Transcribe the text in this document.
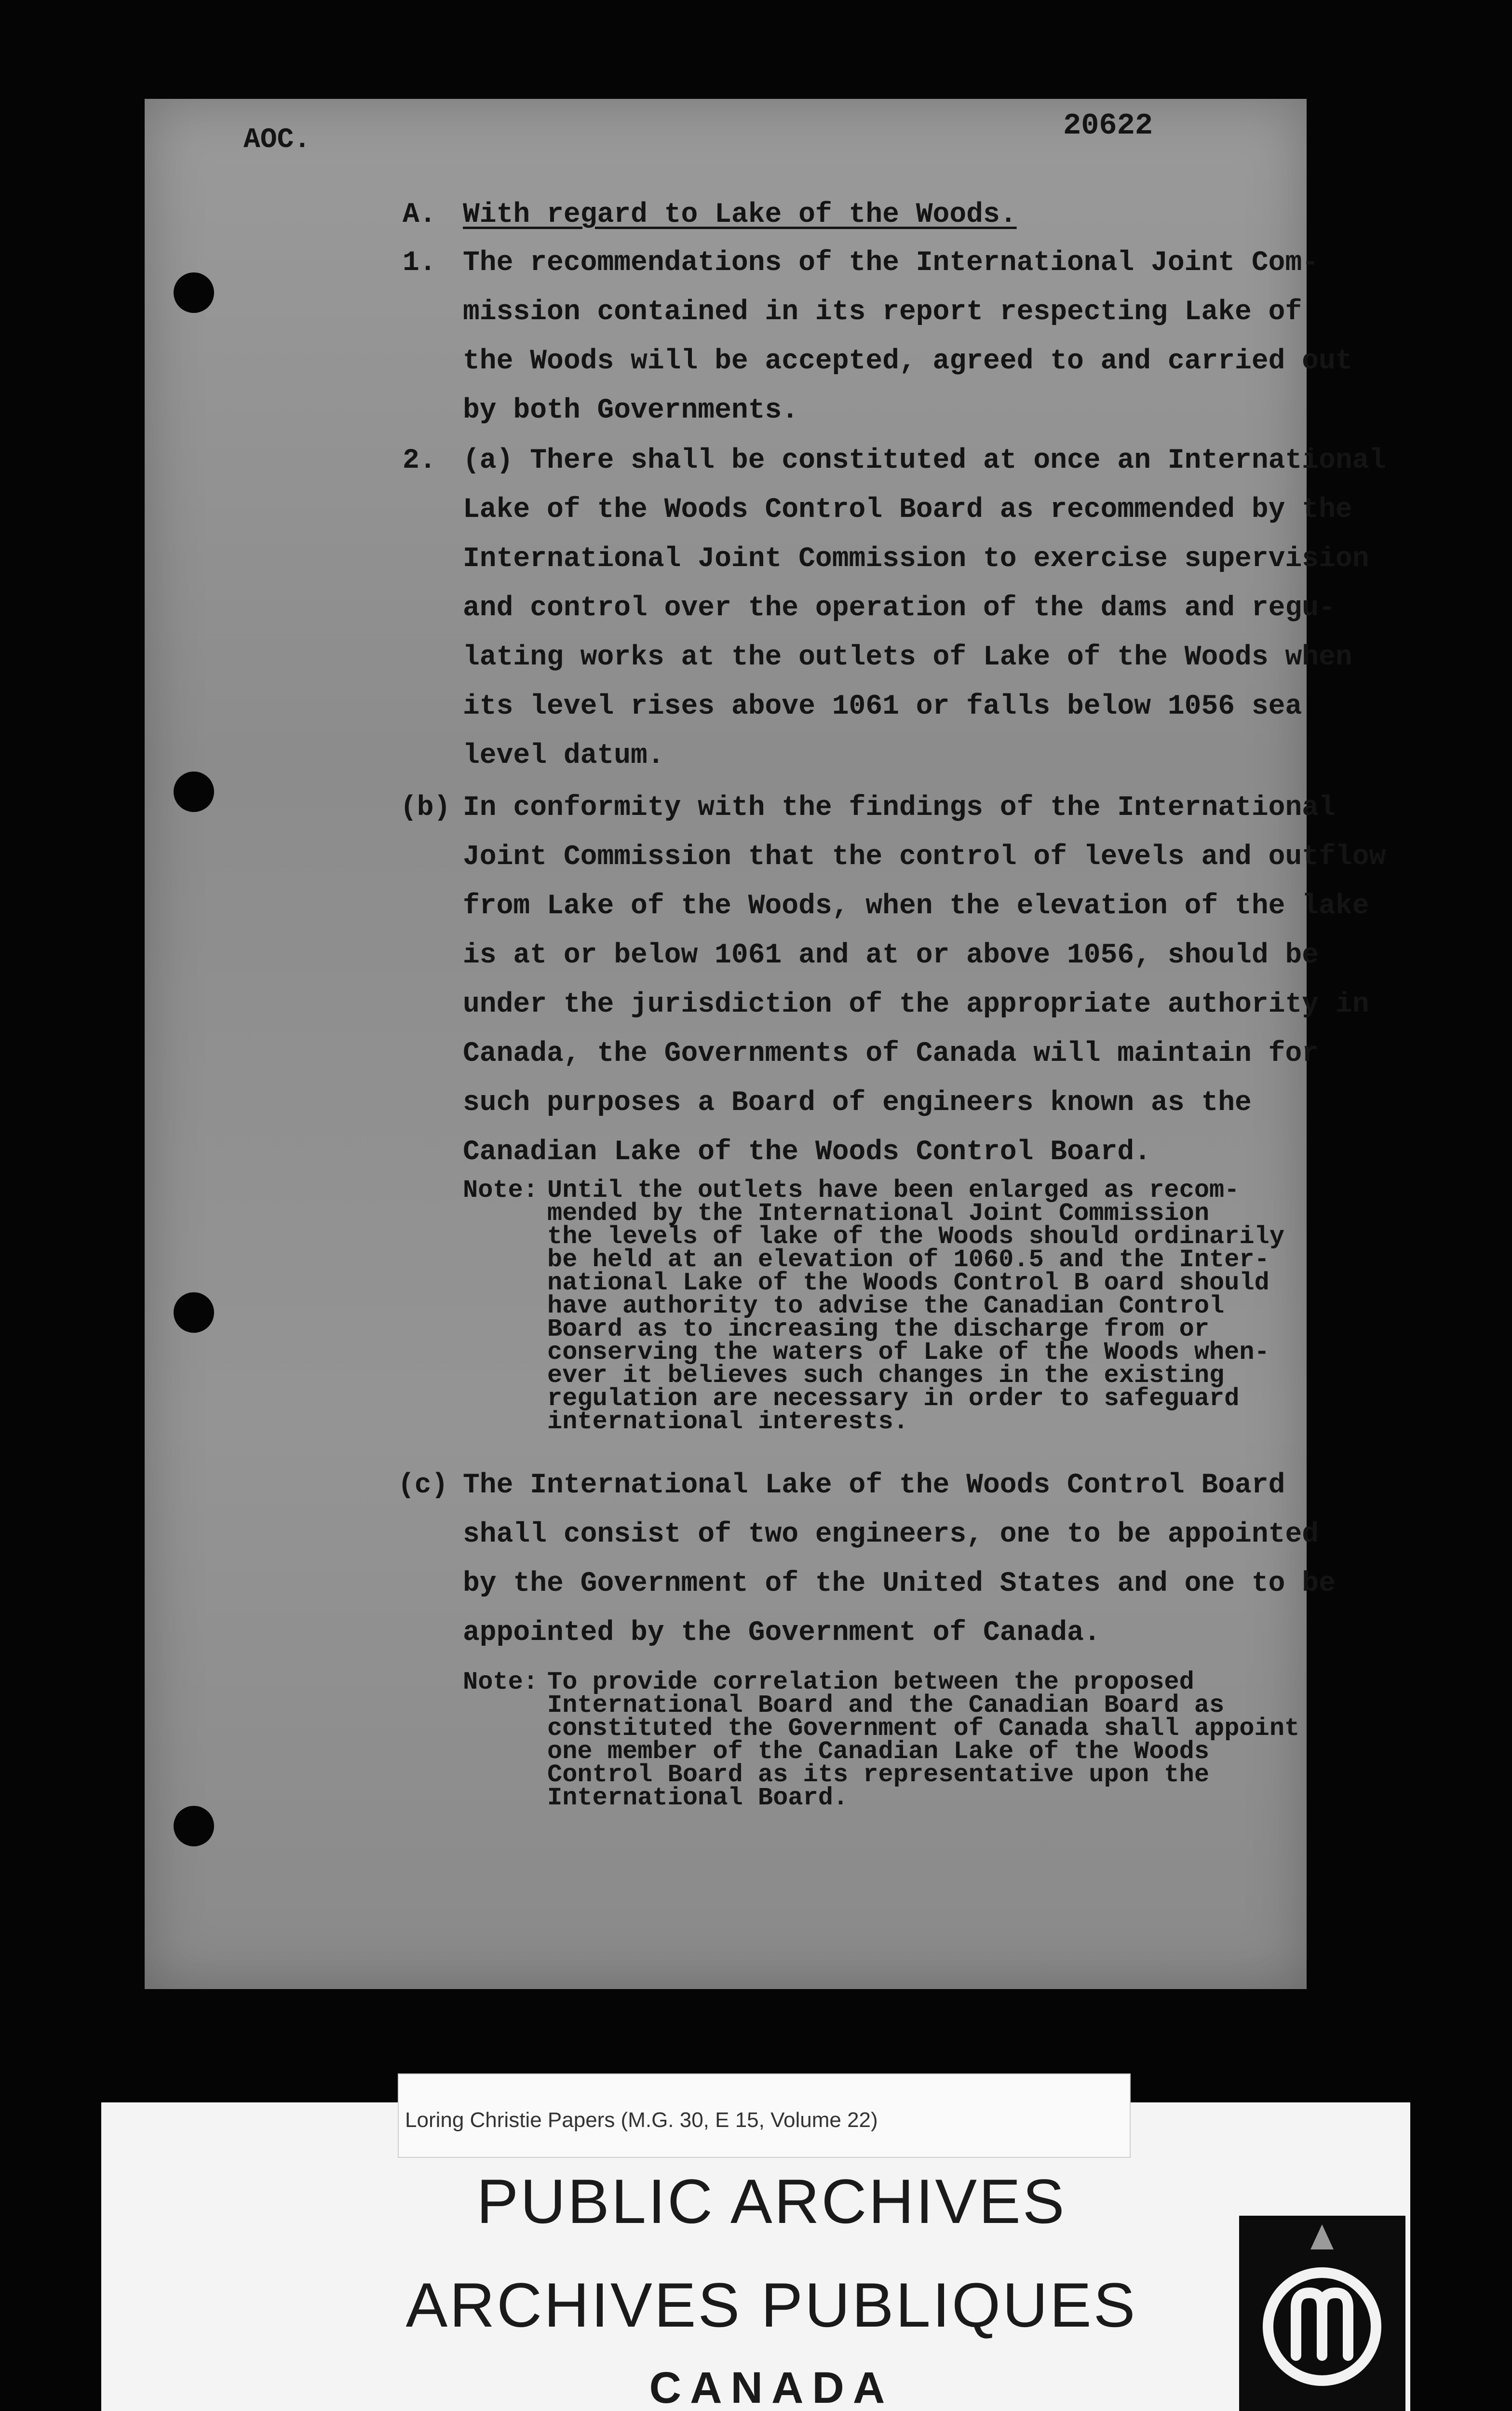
AOC.	20622
A. With regard to Lake of the Woods.
1. The recommendations of the International Joint Com-
mission contained in its report respecting Lake of
the Woods will be accepted, agreed to and carried out
by both Governments.
2. (a) There shall be constituted at once an International
Lake of the Woods Control Board as recommended by the
International Joint Commission to exercise supervision
and control over the operation of the dams and regu-
lating works at the outlets of Lake of the Woods when
its level rises above 1061 or falls below 1056 sea
level datum.
(b) In conformity with the findings of the International
Joint Commission that the control of levels and outflow
from Lake of the Woods, when the elevation of the lake
is at or below 1061 and at or above 1056, should be
under the jurisdiction of the appropriate authority in
Canada, the Governments of Canada will maintain for
such purposes a Board of engineers known as the
Canadian Lake of the Woods Control Board.
Note: Until the outlets have been enlarged as recom-
mended by the International Joint Commission
the levels of lake of the Woods should ordinarily
be held at an elevation of 1060.5 and the Inter-
national Lake of the Woods Control B oard should
have authority to advise the Canadian Control
Board as to increasing the discharge from or
conserving the waters of Lake of the Woods when-
ever it believes such changes in the existing
regulation are necessary in order to safeguard
international interests.
(c) The International Lake of the Woods Control Board
shall consist of two engineers, one to be appointed
by the Government of the United States and one to be
appointed by the Government of Canada.
Note: To provide correlation between the proposed
International Board and the Canadian Board as
constituted the Government of Canada shall appoint
one member of the Canadian Lake of the Woods
Control Board as its representative upon the
International Board.
Loring Christie Papers (M.G. 30, E 15, Volume 22)
PUBLIC ARCHIVES
ARCHIVES PUBLIQUES
CANADA
